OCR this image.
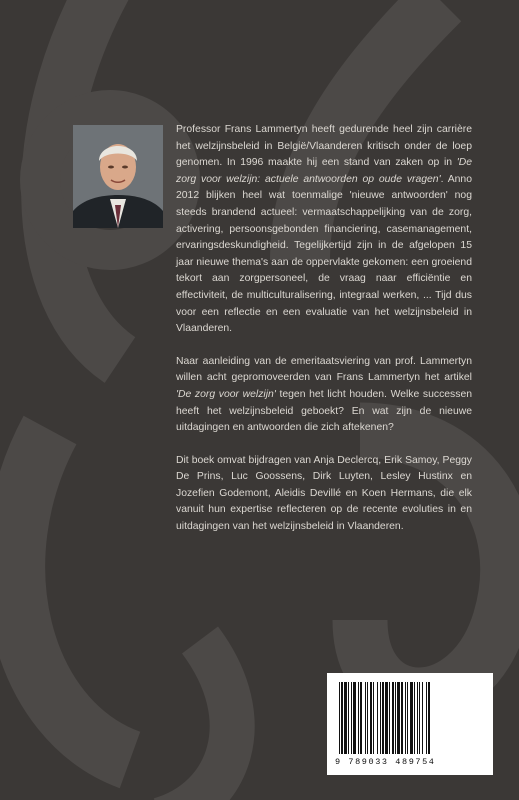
Professor Frans Lammertyn heeft gedurende heel zijn carrière het welzijnsbeleid in België/Vlaanderen kritisch onder de loep genomen. In 1996 maakte hij een stand van zaken op in 'De zorg voor welzijn: actuele antwoorden op oude vragen'. Anno 2012 blijken heel wat toenmalige 'nieuwe antwoorden' nog steeds brandend actueel: vermaatschappelijking van de zorg, activering, persoonsgebonden financiering, casemanagement, ervaringsdeskundigheid. Tegelijkertijd zijn in de afgelopen 15 jaar nieuwe thema's aan de oppervlakte gekomen: een groeiend tekort aan zorgpersoneel, de vraag naar efficiëntie en effectiviteit, de multiculturalisering, integraal werken, ... Tijd dus voor een reflectie en een evaluatie van het welzijnsbeleid in Vlaanderen.

Naar aanleiding van de emeritaatsviering van prof. Lammertyn willen acht gepromoveerden van Frans Lammertyn het artikel 'De zorg voor welzijn' tegen het licht houden. Welke successen heeft het welzijnsbeleid geboekt? En wat zijn de nieuwe uitdagingen en antwoorden die zich aftekenen?

Dit boek omvat bijdragen van Anja Declercq, Erik Samoy, Peggy De Prins, Luc Goossens, Dirk Luyten, Lesley Hustinx en Jozefien Godemont, Aleidis Devillé en Koen Hermans, die elk vanuit hun expertise reflecteren op de recente evoluties in en uitdagingen van het welzijnsbeleid in Vlaanderen.

9 789033 489754
